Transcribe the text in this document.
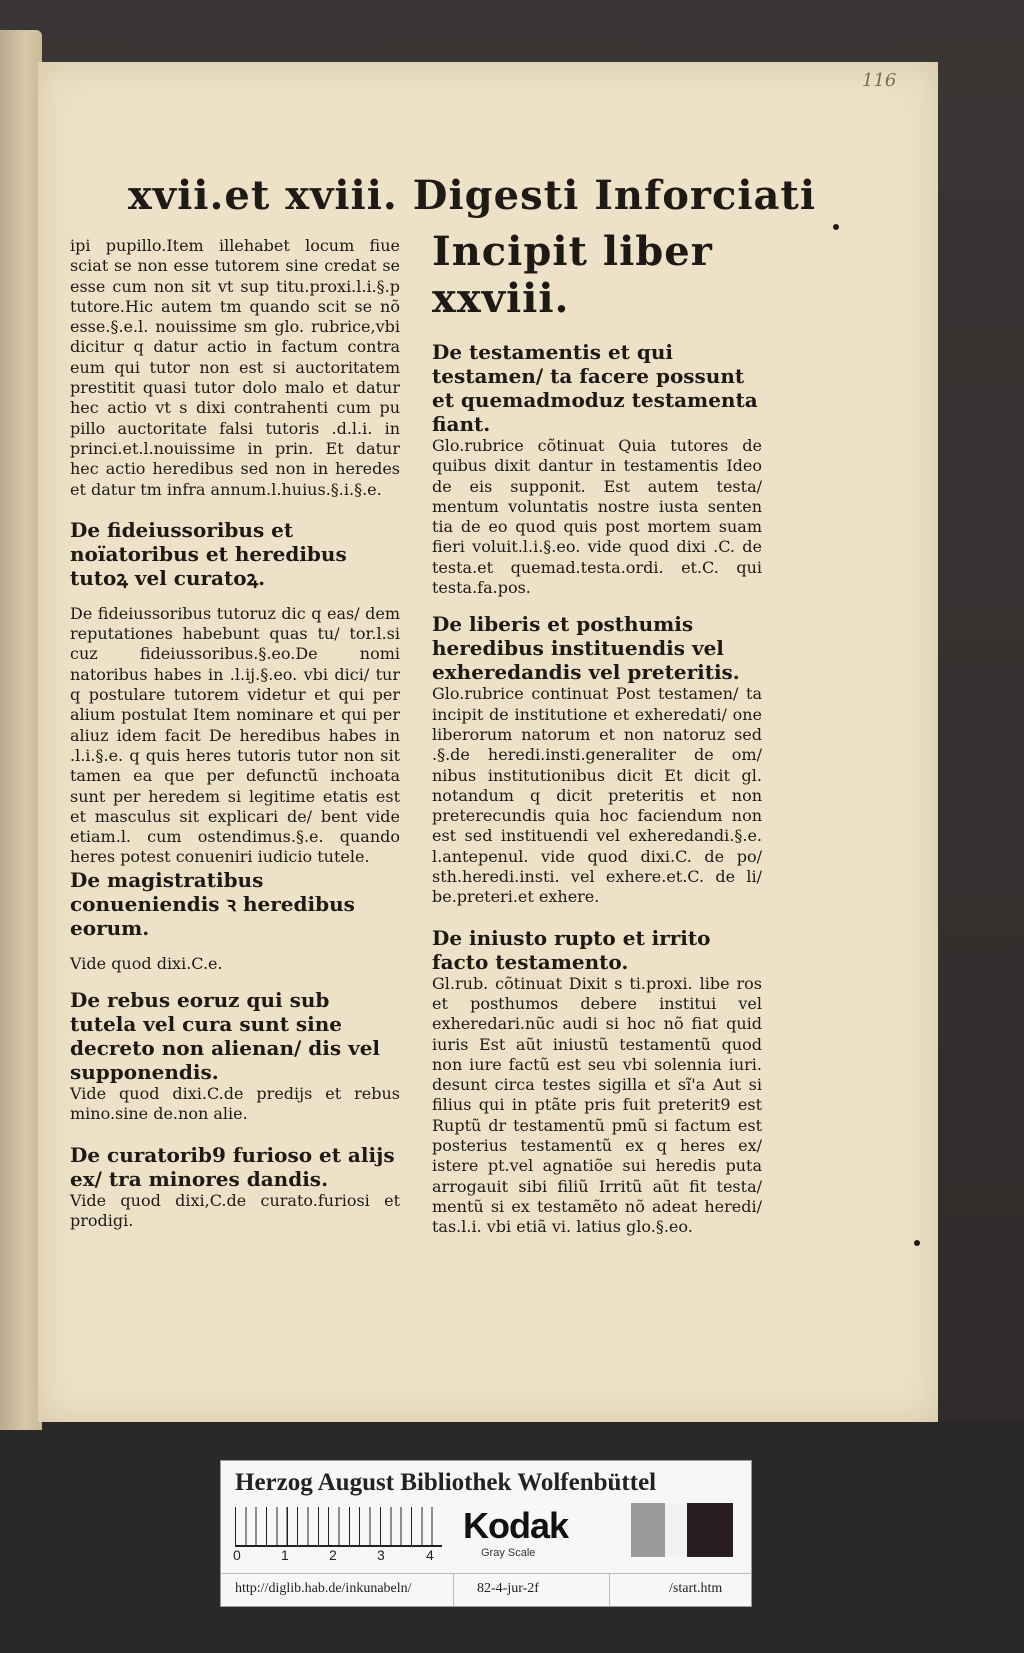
116
xvii.et xviii. Digesti Inforciati

ipi pupillo.Item illehabet locum fiue sciat se non esse tutorem sine credat se esse cum non sit vt sup titu.proxi.l.i.§.p tutore.Hic autem tm quando scit se nõ esse.§.e.l. nouissime sm glo. rubrice,vbi dicitur q datur actio in factum contra eum qui tutor non est si auctoritatem prestitit quasi tutor dolo malo et datur hec actio vt s dixi contrahenti cum pu pillo auctoritate falsi tutoris .d.l.i. in princi.et.l.nouissime in prin. Et datur hec actio heredibus sed non in heredes et datur tm infra annum.l.huius.§.i.§.e.

De fideiussoribus et noïatoribus et heredibus tutoꝝ vel curatoꝝ.

De fideiussoribus tutoruz dic q eas/ dem reputationes habebunt quas tu/ tor.l.si cuz fideiussoribus.§.eo.De nomi natoribus habes in .l.ij.§.eo. vbi dici/ tur q postulare tutorem videtur et qui per alium postulat Item nominare et qui per aliuz idem facit De heredibus habes in .l.i.§.e. q quis heres tutoris tutor non sit tamen ea que per defunctũ inchoata sunt per heredem si legitime etatis est et masculus sit explicari de/ bent vide etiam.l. cum ostendimus.§.e. quando heres potest conueniri iudicio tutele.

De magistratibus conueniendis ꝛ heredibus eorum.

Vide quod dixi.C.e.

De rebus eoruz qui sub tutela vel cura sunt sine decreto non alienan/ dis vel supponendis.

Vide quod dixi.C.de predijs et rebus mino.sine de.non alie.

De curatorib9 furioso et alijs ex/ tra minores dandis.

Vide quod dixi,C.de curato.furiosi et prodigi.

Incipit liber xxviii.

De testamentis et qui testamen/ ta facere possunt et quemadmoduz testamenta fiant.

Glo.rubrice cõtinuat Quia tutores de quibus dixit dantur in testamentis Ideo de eis supponit. Est autem testa/ mentum voluntatis nostre iusta senten tia de eo quod quis post mortem suam fieri voluit.l.i.§.eo. vide quod dixi .C. de testa.et quemad.testa.ordi. et.C. qui testa.fa.pos.

De liberis et posthumis heredibus instituendis vel exheredandis vel preteritis.

Glo.rubrice continuat Post testamen/ ta incipit de institutione et exheredati/ one liberorum natorum et non natoruz sed .§.de heredi.insti.generaliter de om/ nibus institutionibus dicit Et dicit gl. notandum q dicit preteritis et non preterecundis quia hoc faciendum non est sed instituendi vel exheredandi.§.e. l.antepenul. vide quod dixi.C. de po/ sth.heredi.insti. vel exhere.et.C. de li/ be.preteri.et exhere.

De iniusto rupto et irrito facto testamento.

Gl.rub. cõtinuat Dixit s ti.proxi. libe ros et posthumos debere institui vel exheredari.nũc audi si hoc nõ fiat quid iuris Est aũt iniustũ testamentũ quod non iure factũ est seu vbi solennia iuri. desunt circa testes sigilla et sĩ'a Aut si filius qui in ptãte pris fuit preterit9 est Ruptũ dr testamentũ pmũ si factum est posterius testamentũ ex q heres ex/ istere pt.vel agnatiõe sui heredis puta arrogauit sibi filiũ Irritũ aũt fit testa/ mentũ si ex testamẽto nõ adeat heredi/ tas.l.i. vbi etiã vi. latius glo.§.eo.

Herzog August Bibliothek Wolfenbüttel
0	1	2	3	4
Kodak
Gray Scale
http://diglib.hab.de/inkunabeln/	82-4-jur-2f	/start.htm
